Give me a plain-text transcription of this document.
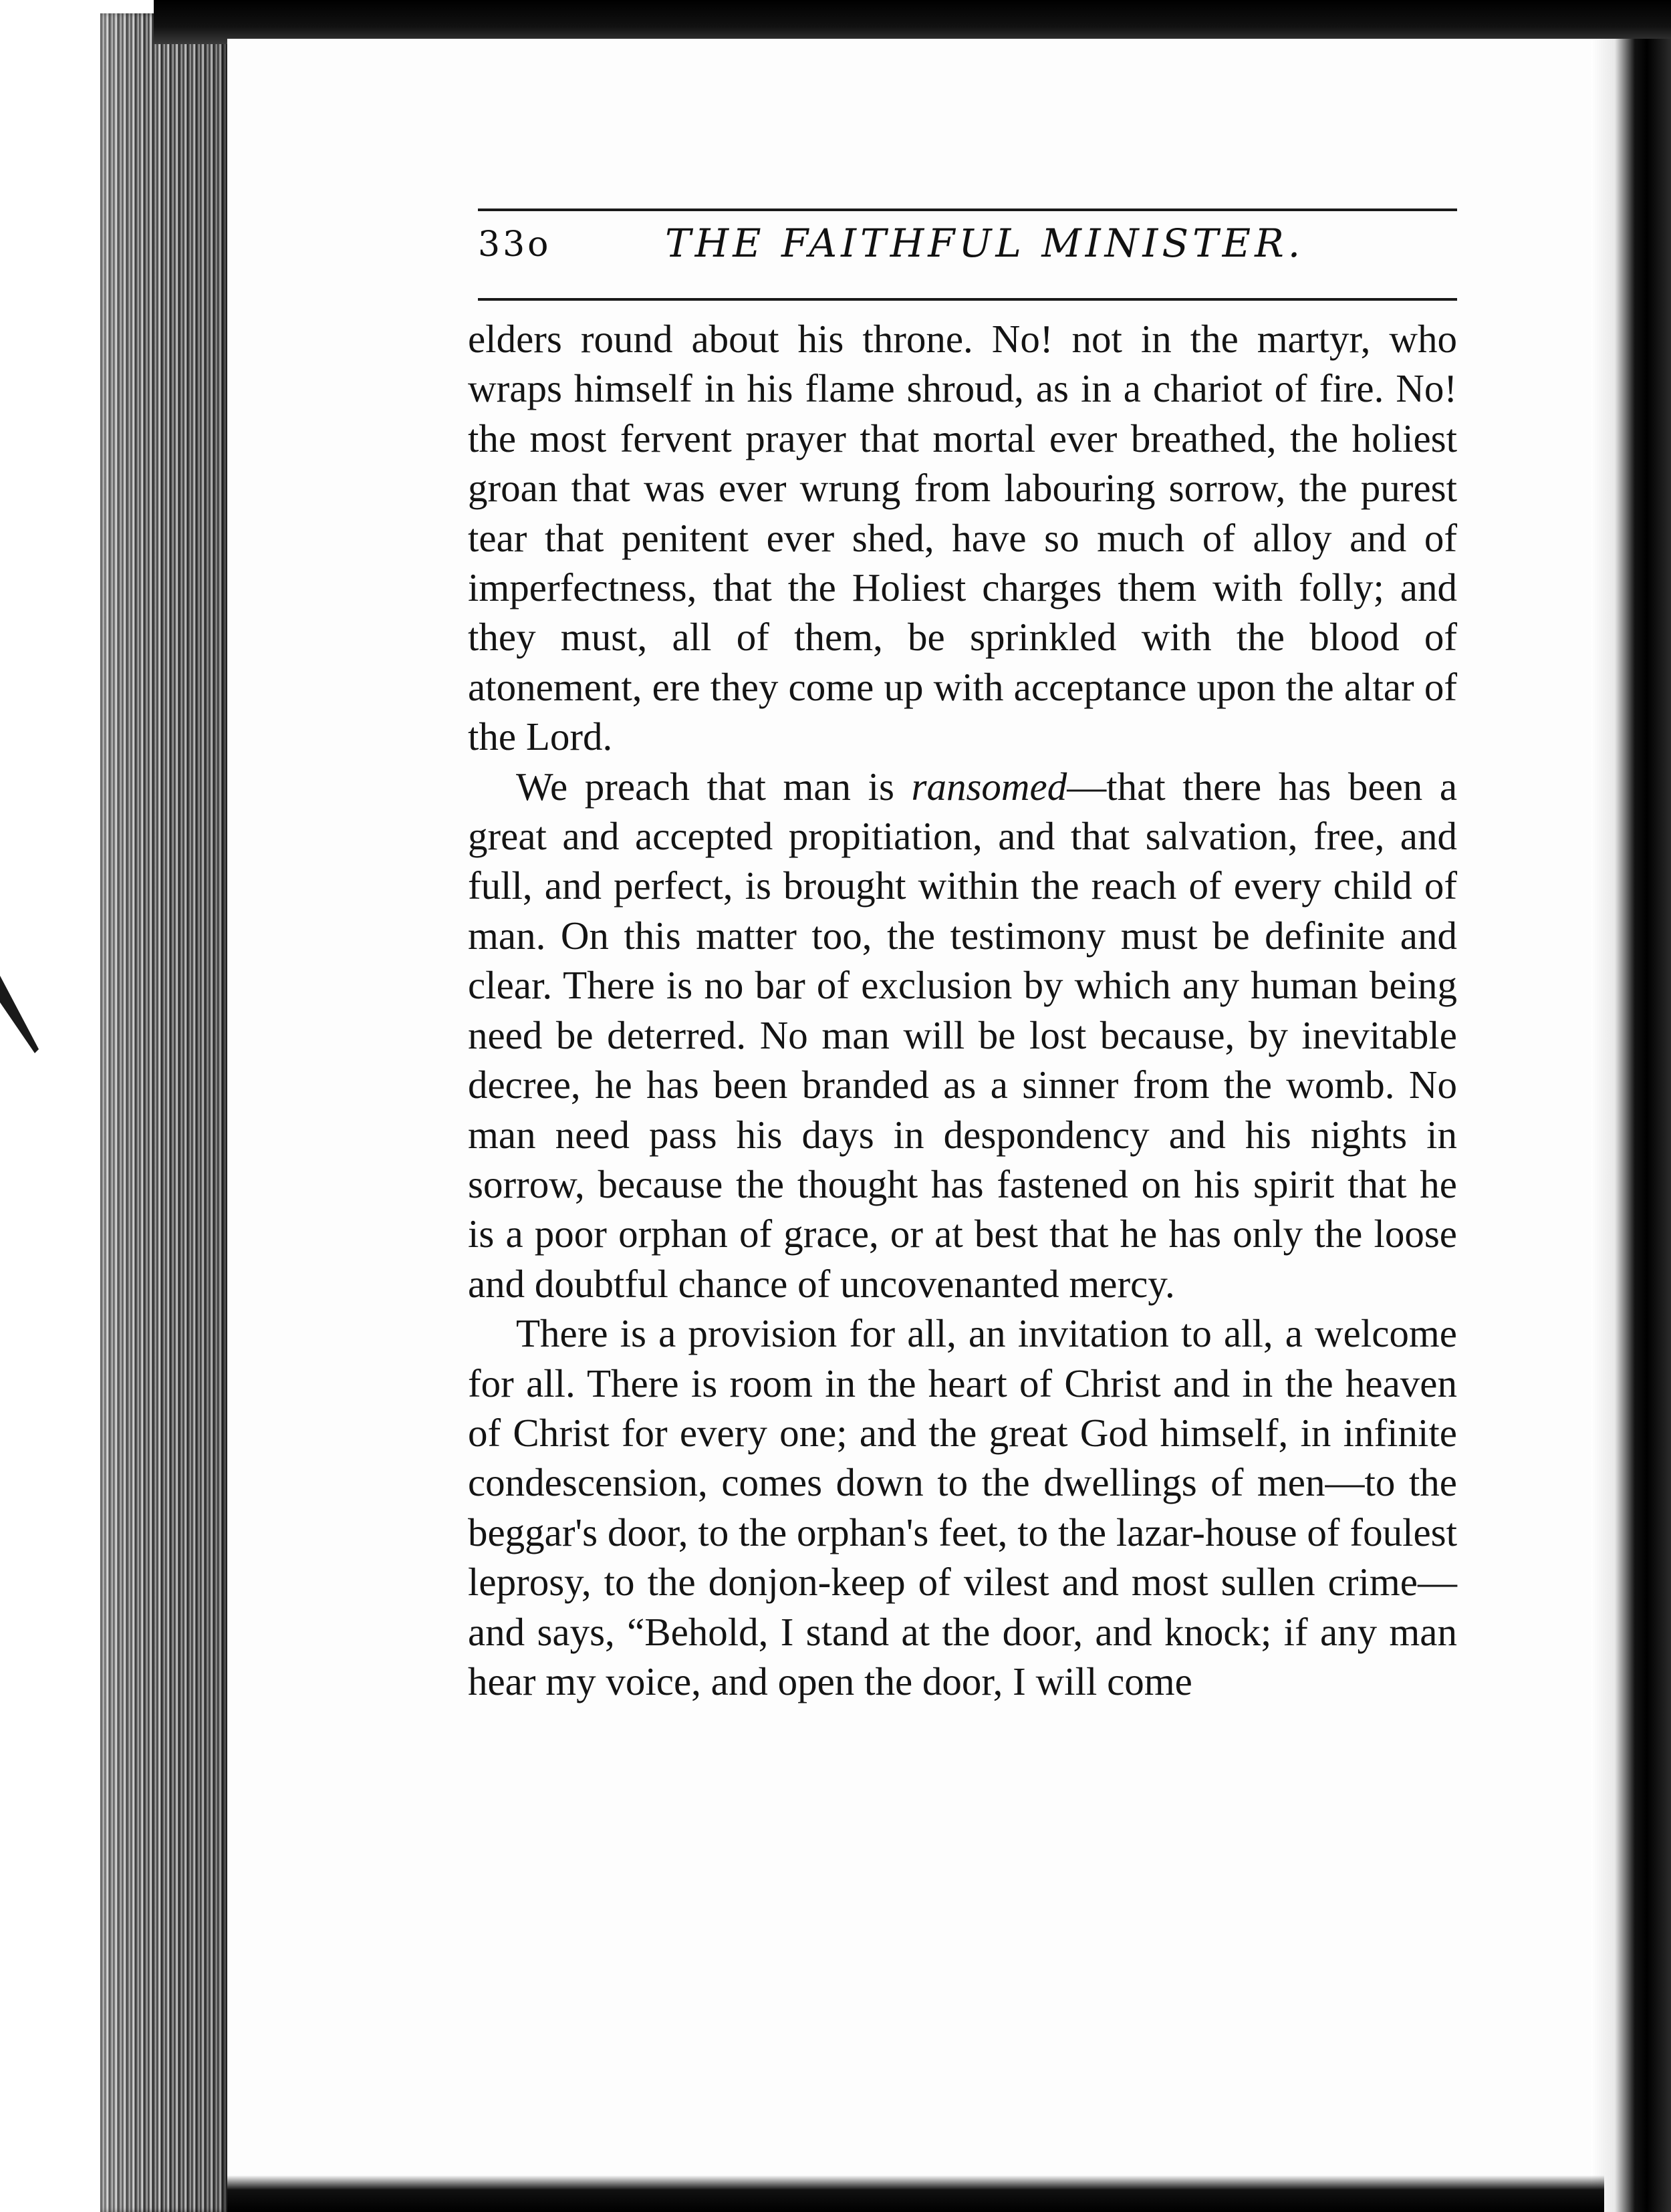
33o	THE FAITHFUL MINISTER.

elders round about his throne. No! not in the martyr, who wraps himself in his flame shroud, as in a chariot of fire. No! the most fervent prayer that mortal ever breathed, the holiest groan that was ever wrung from labouring sorrow, the purest tear that penitent ever shed, have so much of alloy and of imperfectness, that the Holiest charges them with folly; and they must, all of them, be sprinkled with the blood of atonement, ere they come up with acceptance upon the altar of the Lord.

We preach that man is ransomed—that there has been a great and accepted propitiation, and that salvation, free, and full, and perfect, is brought within the reach of every child of man. On this matter too, the testimony must be definite and clear. There is no bar of exclusion by which any human being need be deterred. No man will be lost because, by inevitable decree, he has been branded as a sinner from the womb. No man need pass his days in despondency and his nights in sorrow, because the thought has fastened on his spirit that he is a poor orphan of grace, or at best that he has only the loose and doubtful chance of uncovenanted mercy.

There is a provision for all, an invitation to all, a welcome for all. There is room in the heart of Christ and in the heaven of Christ for every one; and the great God himself, in infinite condescension, comes down to the dwellings of men—to the beggar's door, to the orphan's feet, to the lazar-house of foulest leprosy, to the donjon-keep of vilest and most sullen crime—and says, “Behold, I stand at the door, and knock; if any man hear my voice, and open the door, I will come
